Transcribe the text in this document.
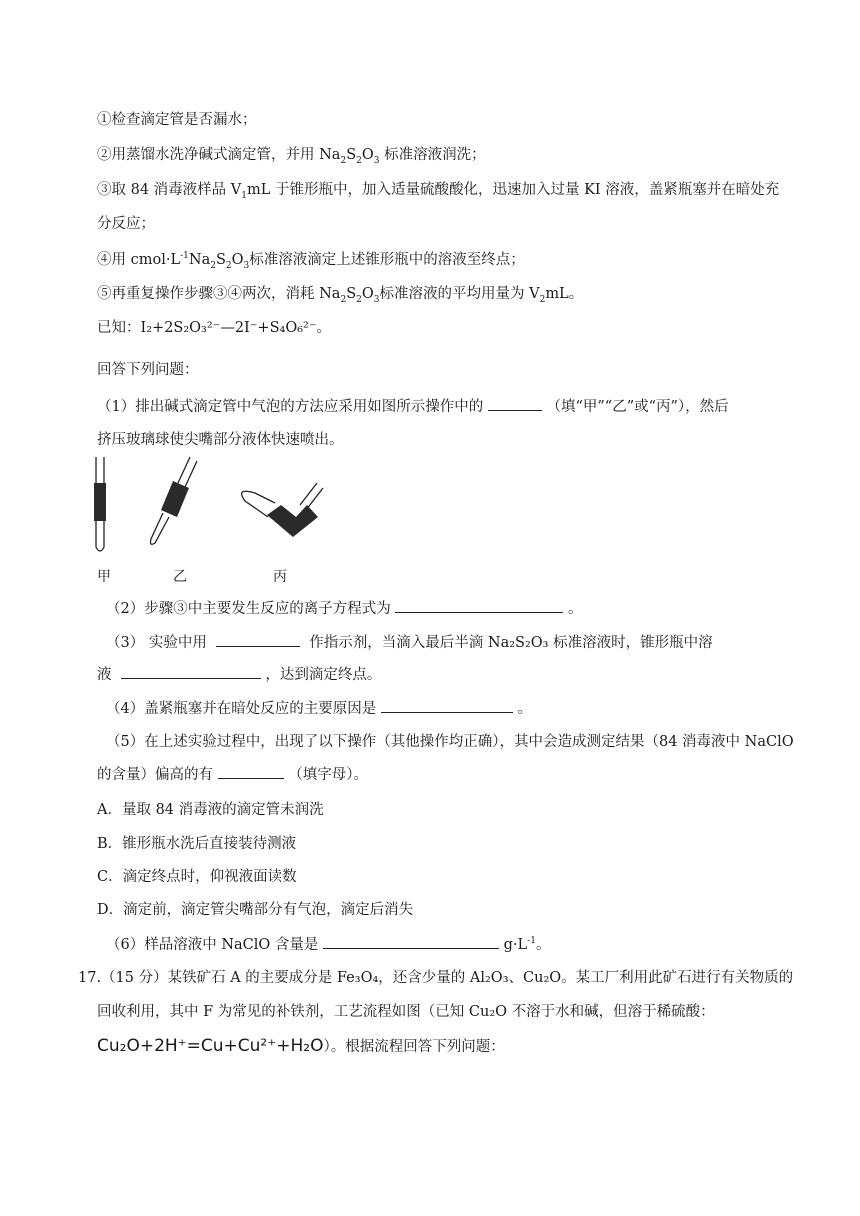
①检查滴定管是否漏水；
②用蒸馏水洗净碱式滴定管，并用 $Na_2S_2O_3$ 标准溶液润洗；
③取 84 消毒液样品 $V_1mL$ 于锥形瓶中，加入适量硫酸酸化，迅速加入过量 KI 溶液，盖紧瓶塞并在暗处充
分反应；
④用 $cmol\cdot L^{-1}Na_2S_2O_3$标准溶液滴定上述锥形瓶中的溶液至终点；
⑤再重复操作步骤③④两次，消耗 $Na_2S_2O_3$标准溶液的平均用量为 $V_2mL$。
已知：I₂+2S₂O₃²⁻—2I⁻+S₄O₆²⁻。
回答下列问题：
（1）排出碱式滴定管中气泡的方法应采用如图所示操作中的	（填“甲”“乙”或“丙”），然后
挤压玻璃球使尖嘴部分液体快速喷出。
甲	乙	丙
（2）步骤③中主要发生反应的离子方程式为	。
（3） 实验中用	作指示剂，当滴入最后半滴 Na₂S₂O₃ 标准溶液时，锥形瓶中溶
液	，达到滴定终点。
（4）盖紧瓶塞并在暗处反应的主要原因是	。
（5）在上述实验过程中，出现了以下操作（其他操作均正确），其中会造成测定结果（84 消毒液中 NaClO
的含量）偏高的有	（填字母）。
A．量取 84 消毒液的滴定管未润洗
B．锥形瓶水洗后直接装待测液
C．滴定终点时，仰视液面读数
D．滴定前，滴定管尖嘴部分有气泡，滴定后消失
（6）样品溶液中 NaClO 含量是	$g\cdot L^{-1}$。
17.（15 分）某铁矿石 A 的主要成分是 Fe₃O₄，还含少量的 Al₂O₃、Cu₂O。某工厂利用此矿石进行有关物质的
回收利用，其中 F 为常见的补铁剂，工艺流程如图（已知 Cu₂O 不溶于水和碱，但溶于稀硫酸：
Cu₂O+2H⁺=Cu+Cu²⁺+H₂O）。根据流程回答下列问题：
